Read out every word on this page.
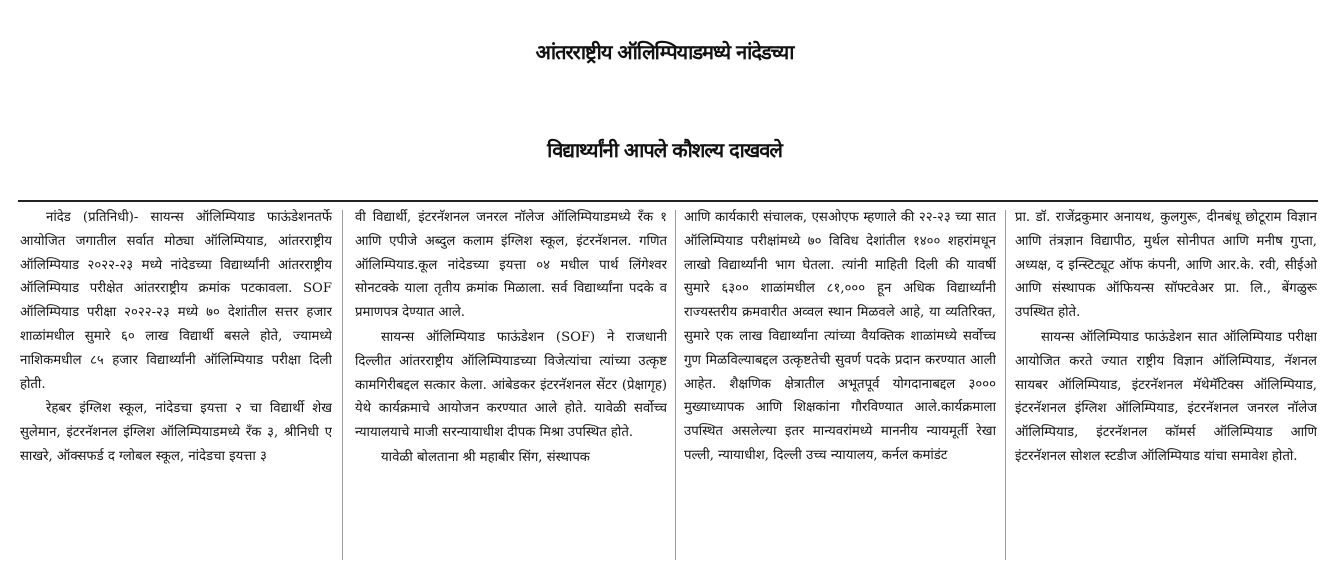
आंतरराष्ट्रीय ऑलिम्पियाडमध्ये नांदेडच्या
विद्यार्थ्यांनी आपले कौशल्य दाखवले

नांदेड (प्रतिनिधी)- सायन्स ऑलिम्पियाड फाऊंडेशनतर्फे आयोजित जगातील सर्वात मोठ्या ऑलिम्पियाड, आंतरराष्ट्रीय ऑलिम्पियाड २०२२-२३ मध्ये नांदेडच्या विद्यार्थ्यांनी आंतरराष्ट्रीय ऑलिम्पियाड परीक्षेत आंतरराष्ट्रीय क्रमांक पटकावला. SOF ऑलिम्पियाड परीक्षा २०२२-२३ मध्ये ७० देशांतील सत्तर हजार शाळांमधील सुमारे ६० लाख विद्यार्थी बसले होते, ज्यामध्ये नाशिकमधील ८५ हजार विद्यार्थ्यांनी ऑलिम्पियाड परीक्षा दिली होती.

रेहबर इंग्लिश स्कूल, नांदेडचा इयत्ता २ चा विद्यार्थी शेख सुलेमान, इंटरनॅशनल इंग्लिश ऑलिम्पियाडमध्ये रँक ३, श्रीनिधी ए साखरे, ऑक्सफर्ड द ग्लोबल स्कूल, नांदेडचा इयत्ता ३

वी विद्यार्थी, इंटरनॅशनल जनरल नॉलेज ऑलिम्पियाडमध्ये रँक १ आणि एपीजे अब्दुल कलाम इंग्लिश स्कूल, इंटरनॅशनल. गणित ऑलिम्पियाड.कूल नांदेडच्या इयत्ता ०४ मधील पार्थ लिंगेश्वर सोनटक्के याला तृतीय क्रमांक मिळाला. सर्व विद्यार्थ्यांना पदके व प्रमाणपत्र देण्यात आले.

सायन्स ऑलिम्पियाड फाऊंडेशन (SOF) ने राजधानी दिल्लीत आंतरराष्ट्रीय ऑलिम्पियाडच्या विजेत्यांचा त्यांच्या उत्कृष्ट कामगिरीबद्दल सत्कार केला. आंबेडकर इंटरनॅशनल सेंटर (प्रेक्षागृह) येथे कार्यक्रमाचे आयोजन करण्यात आले होते. यावेळी सर्वोच्च न्यायालयाचे माजी सरन्यायाधीश दीपक मिश्रा उपस्थित होते.

यावेळी बोलताना श्री महाबीर सिंग, संस्थापक

आणि कार्यकारी संचालक, एसओएफ म्हणाले की २२-२३ च्या सात ऑलिम्पियाड परीक्षांमध्ये ७० विविध देशांतील १४०० शहरांमधून लाखो विद्यार्थ्यांनी भाग घेतला. त्यांनी माहिती दिली की यावर्षी सुमारे ६३०० शाळांमधील ८१,००० हून अधिक विद्यार्थ्यांनी राज्यस्तरीय क्रमवारीत अव्वल स्थान मिळवले आहे, या व्यतिरिक्त, सुमारे एक लाख विद्यार्थ्यांना त्यांच्या वैयक्तिक शाळांमध्ये सर्वोच्च गुण मिळविल्याबद्दल उत्कृष्टतेची सुवर्ण पदके प्रदान करण्यात आली आहेत. शैक्षणिक क्षेत्रातील अभूतपूर्व योगदानाबद्दल ३००० मुख्याध्यापक आणि शिक्षकांना गौरविण्यात आले.कार्यक्रमाला उपस्थित असलेल्या इतर मान्यवरांमध्ये माननीय न्यायमूर्ती रेखा पल्ली, न्यायाधीश, दिल्ली उच्च न्यायालय, कर्नल कमांडंट

प्रा. डॉ. राजेंद्रकुमार अनायथ, कुलगुरू, दीनबंधू छोटूराम विज्ञान आणि तंत्रज्ञान विद्यापीठ, मुर्थल सोनीपत आणि मनीष गुप्ता, अध्यक्ष, द इन्स्टिट्यूट ऑफ कंपनी, आणि आर.के. रवी, सीईओ आणि संस्थापक ऑफियन्स सॉफ्टवेअर प्रा. लि., बेंगळुरू उपस्थित होते.

सायन्स ऑलिम्पियाड फाऊंडेशन सात ऑलिम्पियाड परीक्षा आयोजित करते ज्यात राष्ट्रीय विज्ञान ऑलिम्पियाड, नॅशनल सायबर ऑलिम्पियाड, इंटरनॅशनल मॅथेमॅटिक्स ऑलिम्पियाड, इंटरनॅशनल इंग्लिश ऑलिम्पियाड, इंटरनॅशनल जनरल नॉलेज ऑलिम्पियाड, इंटरनॅशनल कॉमर्स ऑलिम्पियाड आणि इंटरनॅशनल सोशल स्टडीज ऑलिम्पियाड यांचा समावेश होतो.
